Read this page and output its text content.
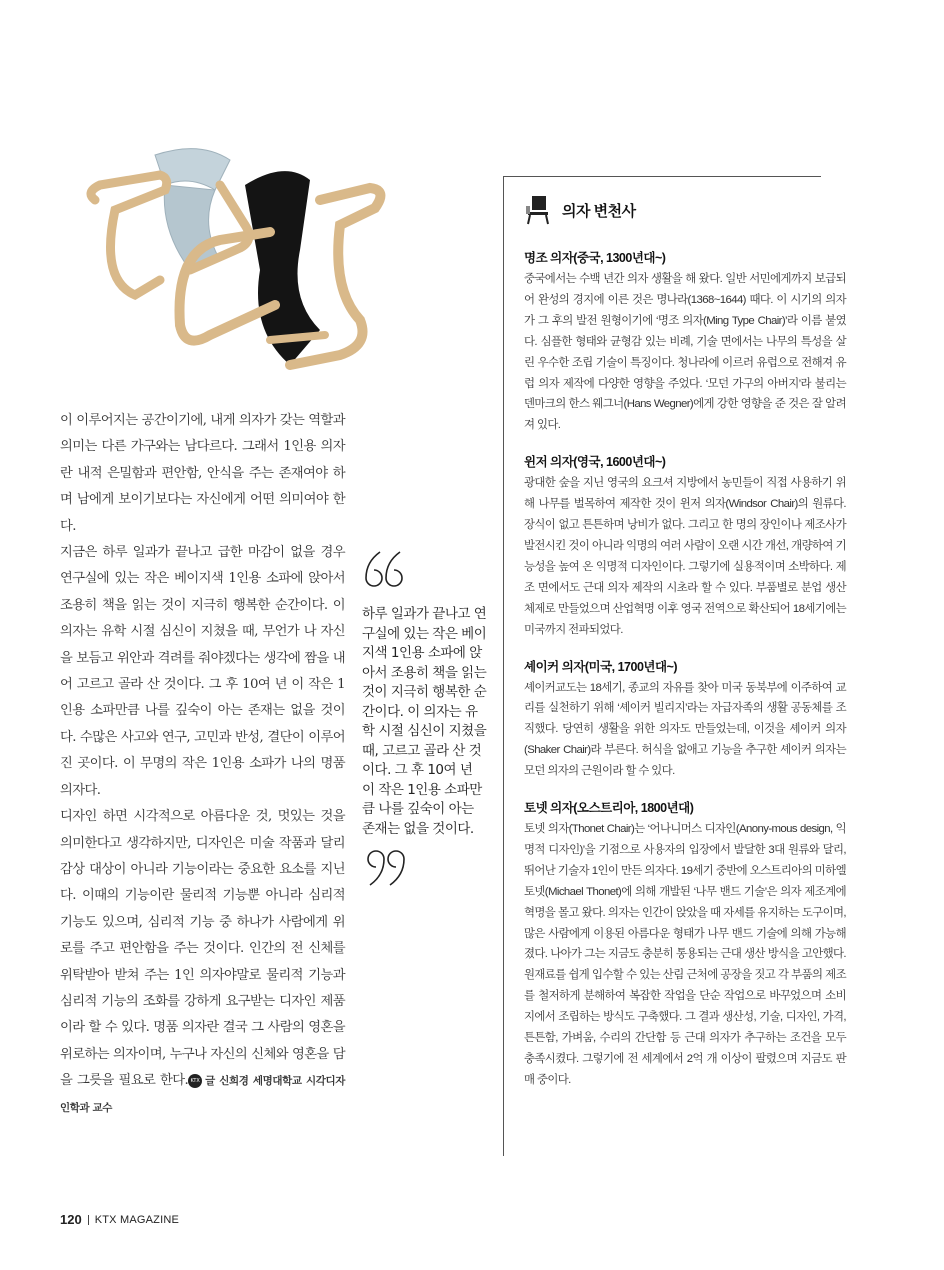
이 이루어지는 공간이기에, 내게 의자가 갖는 역할과 의미는 다른 가구와는 남다르다. 그래서 1인용 의자란 내적 은밀함과 편안함, 안식을 주는 존재여야 하며 남에게 보이기보다는 자신에게 어떤 의미여야 한다.

지금은 하루 일과가 끝나고 급한 마감이 없을 경우 연구실에 있는 작은 베이지색 1인용 소파에 앉아서 조용히 책을 읽는 것이 지극히 행복한 순간이다. 이 의자는 유학 시절 심신이 지쳤을 때, 무언가 나 자신을 보듬고 위안과 격려를 줘야겠다는 생각에 짬을 내어 고르고 골라 산 것이다. 그 후 10여 년 이 작은 1인용 소파만큼 나를 깊숙이 아는 존재는 없을 것이다. 수많은 사고와 연구, 고민과 반성, 결단이 이루어진 곳이다. 이 무명의 작은 1인용 소파가 나의 명품 의자다.

디자인 하면 시각적으로 아름다운 것, 멋있는 것을 의미한다고 생각하지만, 디자인은 미술 작품과 달리 감상 대상이 아니라 기능이라는 중요한 요소를 지닌다. 이때의 기능이란 물리적 기능뿐 아니라 심리적 기능도 있으며, 심리적 기능 중 하나가 사람에게 위로를 주고 편안함을 주는 것이다. 인간의 전 신체를 위탁받아 받쳐 주는 1인 의자야말로 물리적 기능과 심리적 기능의 조화를 강하게 요구받는 디자인 제품이라 할 수 있다. 명품 의자란 결국 그 사람의 영혼을 위로하는 의자이며, 누구나 자신의 신체와 영혼을 담을 그릇을 필요로 한다. KTX 글 신희경 세명대학교 시각디자인학과 교수

하루 일과가 끝나고 연구실에 있는 작은 베이지색 1인용 소파에 앉아서 조용히 책을 읽는 것이 지극히 행복한 순간이다. 이 의자는 유학 시절 심신이 지쳤을 때, 고르고 골라 산 것이다. 그 후 10여 년 이 작은 1인용 소파만큼 나를 깊숙이 아는 존재는 없을 것이다.

의자 변천사
명조 의자(중국, 1300년대~)

중국에서는 수백 년간 의자 생활을 해 왔다. 일반 서민에게까지 보급되어 완성의 경지에 이른 것은 명나라(1368~1644) 때다. 이 시기의 의자가 그 후의 발전 원형이기에 ‘명조 의자(Ming Type Chair)’라 이름 붙였다. 심플한 형태와 균형감 있는 비례, 기술 면에서는 나무의 특성을 살린 우수한 조립 기술이 특징이다. 청나라에 이르러 유럽으로 전해져 유럽 의자 제작에 다양한 영향을 주었다. ‘모던 가구의 아버지’라 불리는 덴마크의 한스 웨그너(Hans Wegner)에게 강한 영향을 준 것은 잘 알려져 있다.

윈저 의자(영국, 1600년대~)

광대한 숲을 지닌 영국의 요크셔 지방에서 농민들이 직접 사용하기 위해 나무를 벌목하여 제작한 것이 윈저 의자(Windsor Chair)의 원류다. 장식이 없고 튼튼하며 낭비가 없다. 그리고 한 명의 장인이나 제조사가 발전시킨 것이 아니라 익명의 여러 사람이 오랜 시간 개선, 개량하여 기능성을 높여 온 익명적 디자인이다. 그렇기에 실용적이며 소박하다. 제조 면에서도 근대 의자 제작의 시초라 할 수 있다. 부품별로 분업 생산 체제로 만들었으며 산업혁명 이후 영국 전역으로 확산되어 18세기에는 미국까지 전파되었다.

셰이커 의자(미국, 1700년대~)

셰이커교도는 18세기, 종교의 자유를 찾아 미국 동북부에 이주하여 교리를 실천하기 위해 ‘셰이커 빌리지’라는 자급자족의 생활 공동체를 조직했다. 당연히 생활을 위한 의자도 만들었는데, 이것을 셰이커 의자(Shaker Chair)라 부른다. 허식을 없애고 기능을 추구한 셰이커 의자는 모던 의자의 근원이라 할 수 있다.

토넷 의자(오스트리아, 1800년대)

토넷 의자(Thonet Chair)는 ‘어나니머스 디자인(Anony-mous design, 익명적 디자인)’을 기점으로 사용자의 입장에서 발달한 3대 원류와 달리, 뛰어난 기술자 1인이 만든 의자다. 19세기 중반에 오스트리아의 미하엘 토넷(Michael Thonet)에 의해 개발된 ‘나무 밴드 기술’은 의자 제조계에 혁명을 몰고 왔다. 의자는 인간이 앉았을 때 자세를 유지하는 도구이며, 많은 사람에게 이용된 아름다운 형태가 나무 밴드 기술에 의해 가능해졌다. 나아가 그는 지금도 충분히 통용되는 근대 생산 방식을 고안했다. 원재료를 쉽게 입수할 수 있는 산림 근처에 공장을 짓고 각 부품의 제조를 철저하게 분해하여 복잡한 작업을 단순 작업으로 바꾸었으며 소비지에서 조립하는 방식도 구축했다. 그 결과 생산성, 기술, 디자인, 가격, 튼튼함, 가벼움, 수리의 간단함 등 근대 의자가 추구하는 조건을 모두 충족시켰다. 그렇기에 전 세계에서 2억 개 이상이 팔렸으며 지금도 판매 중이다.

120 KTX MAGAZINE
